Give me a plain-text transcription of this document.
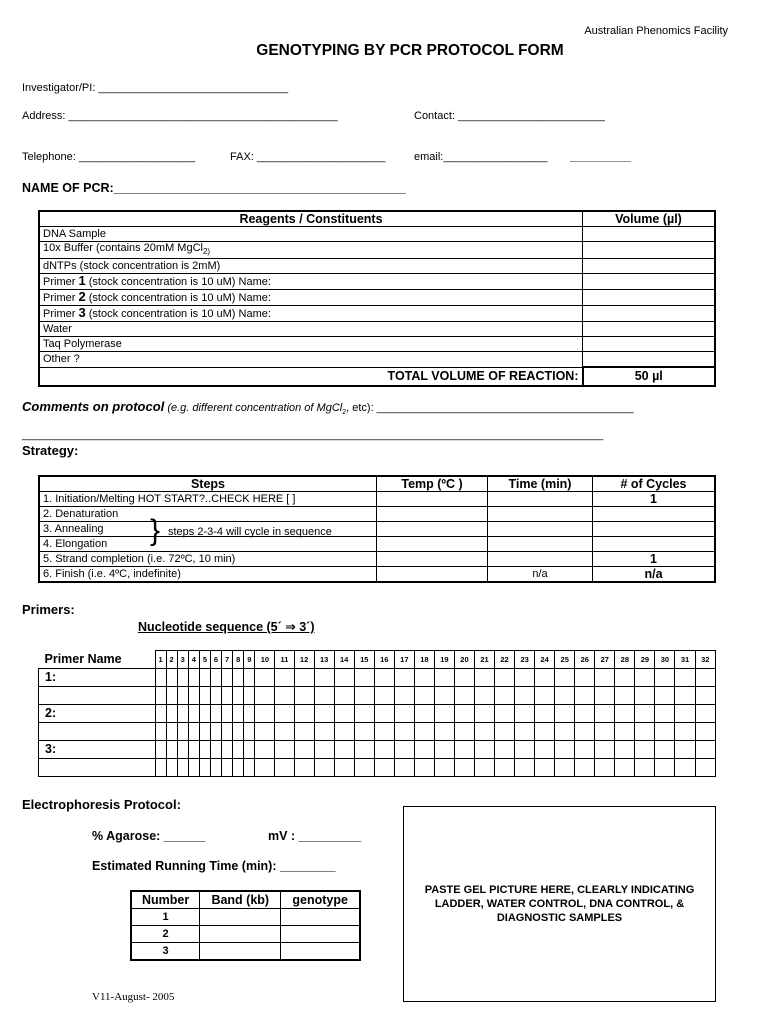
Australian Phenomics Facility
GENOTYPING BY PCR PROTOCOL FORM
Investigator/PI: _______________________________
Address: ____________________________________________	Contact: ________________________
Telephone: ___________________	FAX: _____________________	email:_________________ __________
NAME OF PCR:__________________________________________
Reagents / Constituents	Volume (µl)
DNA Sample	
10x Buffer (contains 20mM MgCl$_{2)}$	
dNTPs (stock concentration is 2mM)	
Primer 1 (stock concentration is 10 uM) Name:	
Primer 2 (stock concentration is 10 uM) Name:	
Primer 3 (stock concentration is 10 uM) Name:	
Water	
Taq Polymerase	
Other ?	
TOTAL VOLUME OF REACTION:	50 µl
Comments on protocol (e.g. different concentration of MgCl$_2$, etc): __________________________________________
_______________________________________________________________________________________________
Strategy:
Steps	Temp (ºC )	Time (min)	# of Cycles
1. Initiation/Melting HOT START?..CHECK HERE [ ]			1
2. Denaturation			
3. Annealing			
4. Elongation			
5. Strand completion (i.e. 72ºC, 10 min)			1
6. Finish (i.e. 4ºC, indefinite)		n/a	n/a
} steps 2-3-4 will cycle in sequence
Primers:
Nucleotide sequence (5´ ⇒ 3´)
Primer Name	1	2	3	4	5	6	7	8	9	10	11	12	13	14	15	16	17	18	19	20	21	22	23	24	25	26	27	28	29	30	31	32
1:																																

2:																																

3:																																

Electrophoresis Protocol:
% Agarose: ______	mV : _________
Estimated Running Time (min): ________
Number	Band (kb)	genotype
1		
2		
3		
PASTE GEL PICTURE HERE, CLEARLY INDICATING LADDER, WATER CONTROL, DNA CONTROL, & DIAGNOSTIC SAMPLES
V11-August- 2005
